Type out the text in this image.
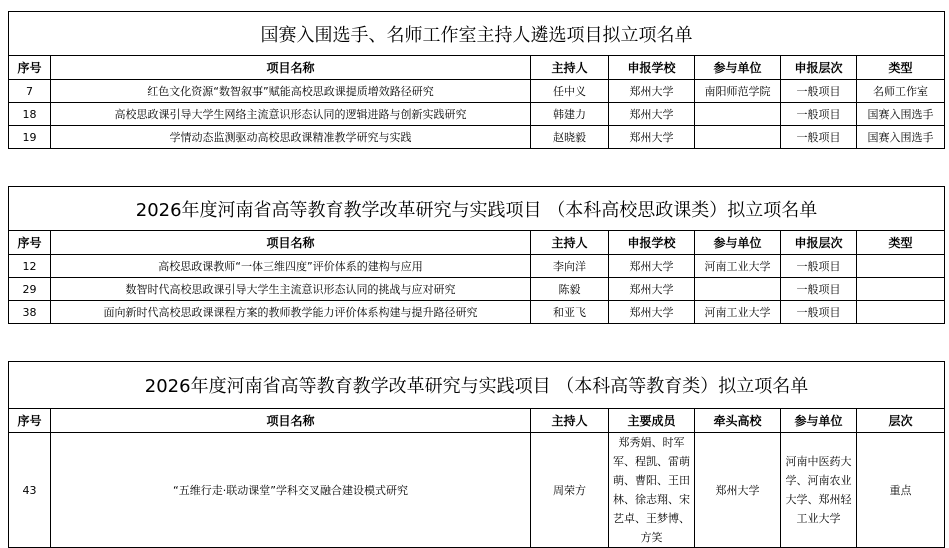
国赛入围选手、名师工作室主持人遴选项目拟立项名单						
序号	项目名称	主持人	申报学校	参与单位	申报层次	类型
7	红色文化资源“数智叙事”赋能高校思政课提质增效路径研究	任中义	郑州大学	南阳师范学院	一般项目	名师工作室
18	高校思政课引导大学生网络主流意识形态认同的逻辑进路与创新实践研究	韩建力	郑州大学		一般项目	国赛入围选手
19	学情动态监测驱动高校思政课精准教学研究与实践	赵晓毅	郑州大学		一般项目	国赛入围选手
2026年度河南省高等教育教学改革研究与实践项目 （本科高校思政课类）拟立项名单						
序号	项目名称	主持人	申报学校	参与单位	申报层次	类型
12	高校思政课教师“一体三维四度”评价体系的建构与应用	李向洋	郑州大学	河南工业大学	一般项目	
29	数智时代高校思政课引导大学生主流意识形态认同的挑战与应对研究	陈毅	郑州大学		一般项目	
38	面向新时代高校思政课课程方案的教师教学能力评价体系构建与提升路径研究	和亚飞	郑州大学	河南工业大学	一般项目	
2026年度河南省高等教育教学改革研究与实践项目 （本科高等教育类）拟立项名单						
序号	项目名称	主持人	主要成员	牵头高校	参与单位	层次
43	“五维行走·联动课堂”学科交叉融合建设模式研究	周荣方	郑秀娟、时军军、程凯、雷萌萌、曹阳、王田林、徐志翔、宋艺卓、王梦博、方笑	郑州大学	河南中医药大学、河南农业大学、郑州轻工业大学	重点
